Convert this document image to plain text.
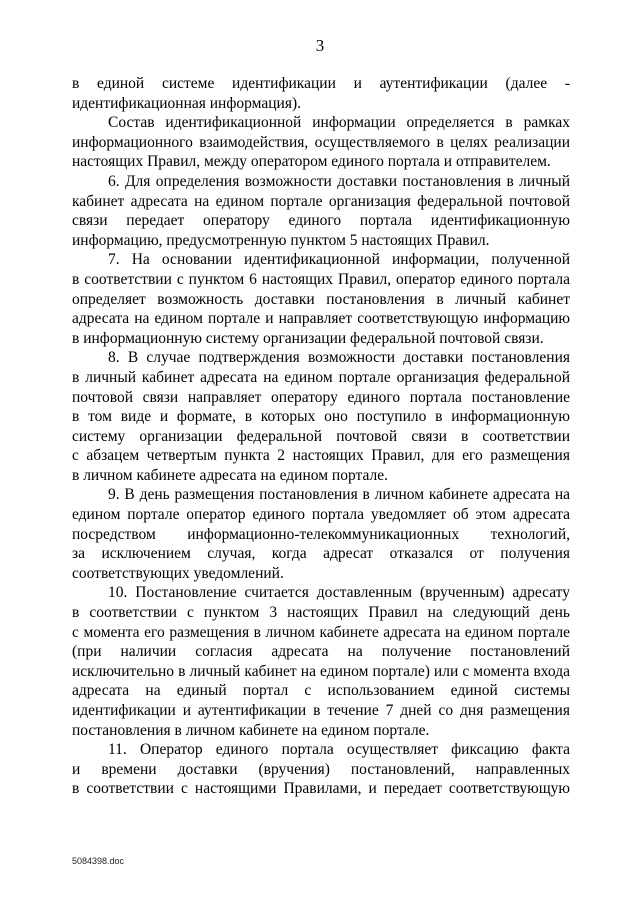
3
в единой системе идентификации и аутентификации (далее -
идентификационная информация).
Состав идентификационной информации определяется в рамках
информационного взаимодействия, осуществляемого в целях реализации
настоящих Правил, между оператором единого портала и отправителем.
6. Для определения возможности доставки постановления в личный
кабинет адресата на едином портале организация федеральной почтовой
связи передает оператору единого портала идентификационную
информацию, предусмотренную пунктом 5 настоящих Правил.
7. На основании идентификационной информации, полученной
в соответствии с пунктом 6 настоящих Правил, оператор единого портала
определяет возможность доставки постановления в личный кабинет
адресата на едином портале и направляет соответствующую информацию
в информационную систему организации федеральной почтовой связи.
8. В случае подтверждения возможности доставки постановления
в личный кабинет адресата на едином портале организация федеральной
почтовой связи направляет оператору единого портала постановление
в том виде и формате, в которых оно поступило в информационную
систему организации федеральной почтовой связи в соответствии
с абзацем четвертым пункта 2 настоящих Правил, для его размещения
в личном кабинете адресата на едином портале.
9. В день размещения постановления в личном кабинете адресата на
едином портале оператор единого портала уведомляет об этом адресата
посредством информационно-телекоммуникационных технологий,
за исключением случая, когда адресат отказался от получения
соответствующих уведомлений.
10. Постановление считается доставленным (врученным) адресату
в соответствии с пунктом 3 настоящих Правил на следующий день
с момента его размещения в личном кабинете адресата на едином портале
(при наличии согласия адресата на получение постановлений
исключительно в личный кабинет на едином портале) или с момента входа
адресата на единый портал с использованием единой системы
идентификации и аутентификации в течение 7 дней со дня размещения
постановления в личном кабинете на едином портале.
11. Оператор единого портала осуществляет фиксацию факта
и времени доставки (вручения) постановлений, направленных
в соответствии с настоящими Правилами, и передает соответствующую
5084398.doc
